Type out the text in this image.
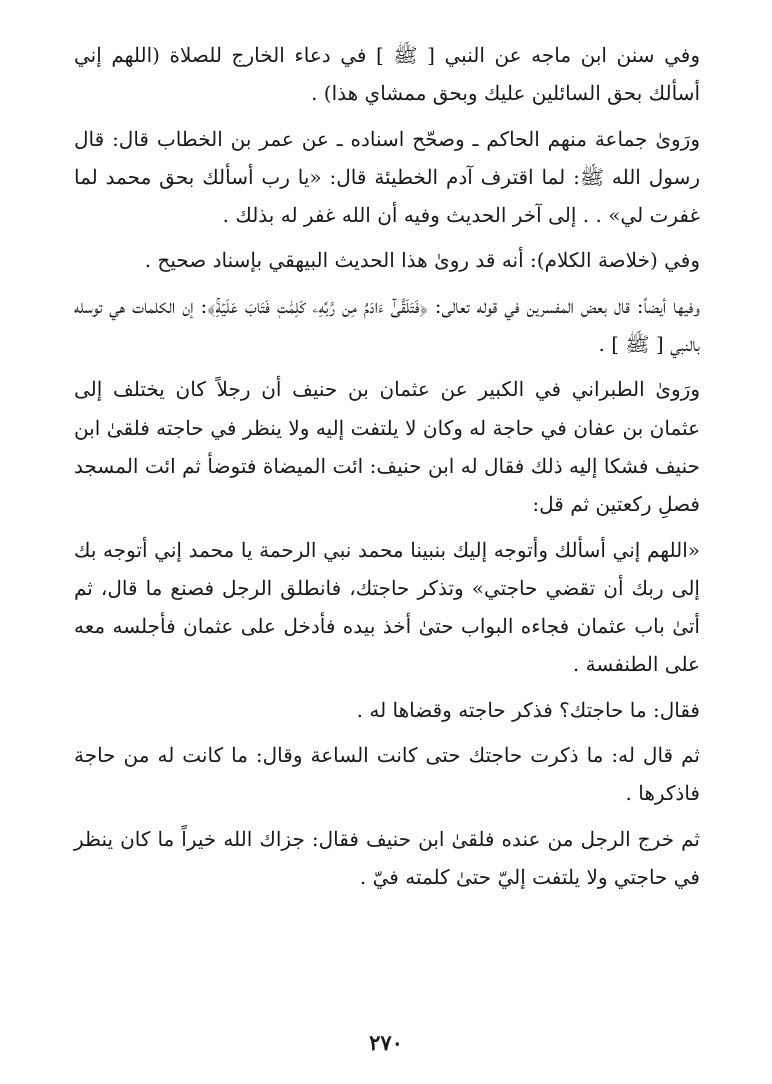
وفي سنن ابن ماجه عن النبي [ ﷺ ] في دعاء الخارج للصلاة (اللهم إني أسألك بحق السائلين عليك وبحق ممشاي هذا) .

ورَوىٰ جماعة منهم الحاكم ـ وصحّح اسناده ـ عن عمر بن الخطاب قال: قال رسول الله ﷺ: لما اقترف آدم الخطيئة قال: «يا رب أسألك بحق محمد لما غفرت لي» . . إلى آخر الحديث وفيه أن الله غفر له بذلك .

وفي (خلاصة الكلام): أنه قد روىٰ هذا الحديث البيهقي بإسناد صحيح .

وفيها أيضاً: قال بعض المفسرين في قوله تعالى: ﴿فَتَلَقَّىٰٓ ءَادَمُ مِن رَّبِّهِۦ كَلِمَٰتٖ فَتَابَ عَلَيۡهِۚ﴾: إن الكلمات هي توسله بالنبي [ ﷺ ] .

ورَوىٰ الطبراني في الكبير عن عثمان بن حنيف أن رجلاً كان يختلف إلى عثمان بن عفان في حاجة له وكان لا يلتفت إليه ولا ينظر في حاجته فلقىٰ ابن حنيف فشكا إليه ذلك فقال له ابن حنيف: ائت الميضاة فتوضأ ثم ائت المسجد فصلِ ركعتين ثم قل:

«اللهم إني أسألك وأتوجه إليك بنبينا محمد نبي الرحمة يا محمد إني أتوجه بك إلى ربك أن تقضي حاجتي» وتذكر حاجتك، فانطلق الرجل فصنع ما قال، ثم أتىٰ باب عثمان فجاءه البواب حتىٰ أخذ بيده فأدخل على عثمان فأجلسه معه على الطنفسة .

فقال: ما حاجتك؟ فذكر حاجته وقضاها له .

ثم قال له: ما ذكرت حاجتك حتى كانت الساعة وقال: ما كانت له من حاجة فاذكرها .

ثم خرج الرجل من عنده فلقىٰ ابن حنيف فقال: جزاك الله خيراً ما كان ينظر في حاجتي ولا يلتفت إليّ حتىٰ كلمته فيّ .

٢٧٠
